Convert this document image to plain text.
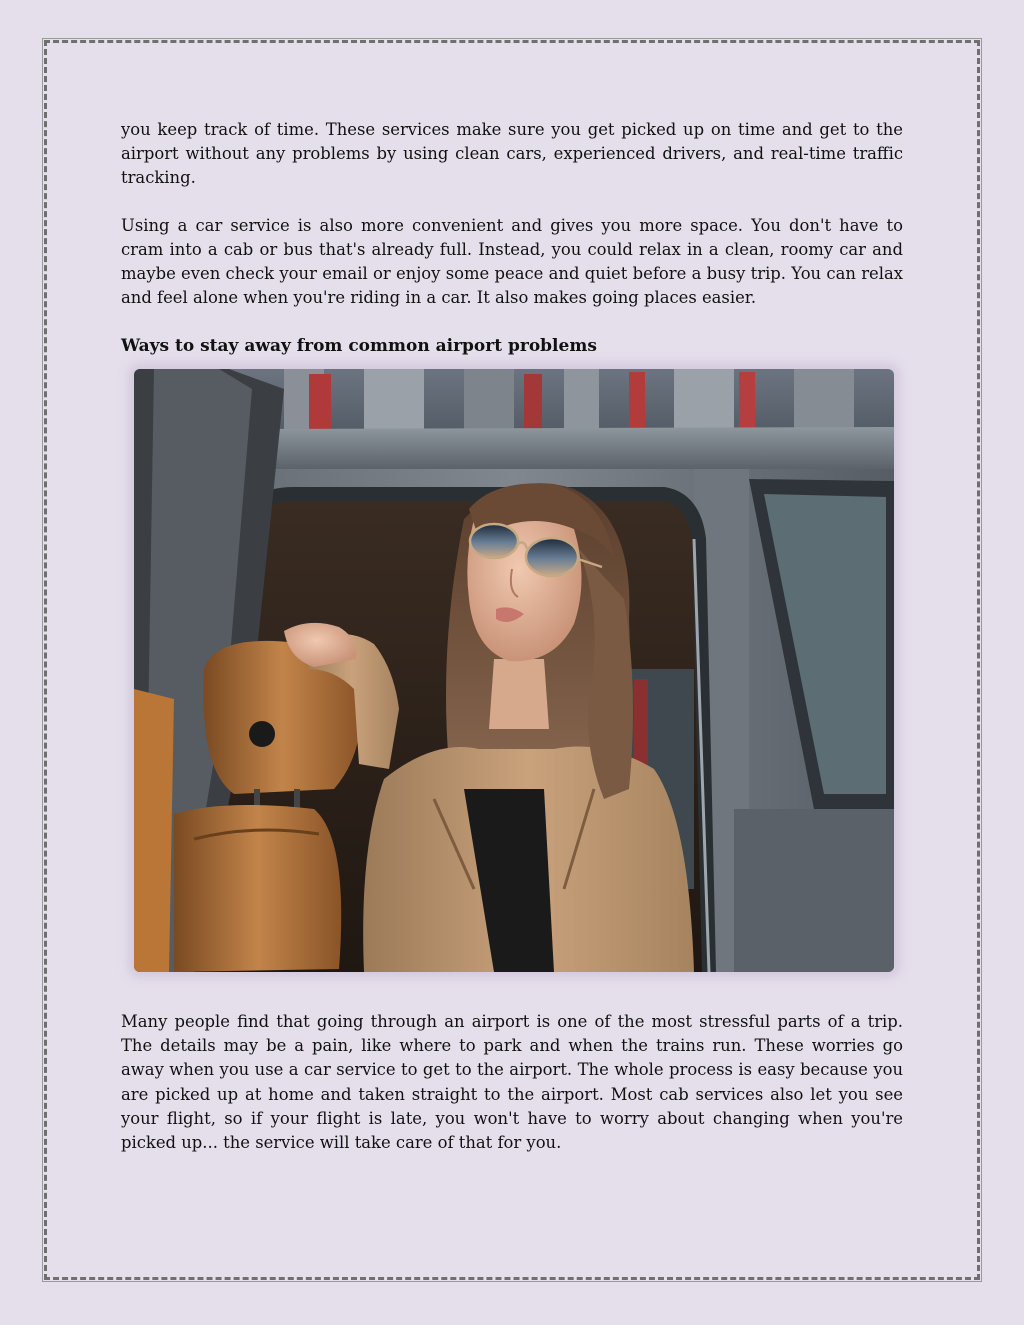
you keep track of time. These services make sure you get picked up on time and get to the airport without any problems by using clean cars, experienced drivers, and real-time traffic tracking.

Using a car service is also more convenient and gives you more space. You don't have to cram into a cab or bus that's already full. Instead, you could relax in a clean, roomy car and maybe even check your email or enjoy some peace and quiet before a busy trip. You can relax and feel alone when you're riding in a car. It also makes going places easier.

Ways to stay away from common airport problems

Many people find that going through an airport is one of the most stressful parts of a trip. The details may be a pain, like where to park and when the trains run. These worries go away when you use a car service to get to the airport. The whole process is easy because you are picked up at home and taken straight to the airport. Most cab services also let you see your flight, so if your flight is late, you won't have to worry about changing when you're picked up... the service will take care of that for you.
